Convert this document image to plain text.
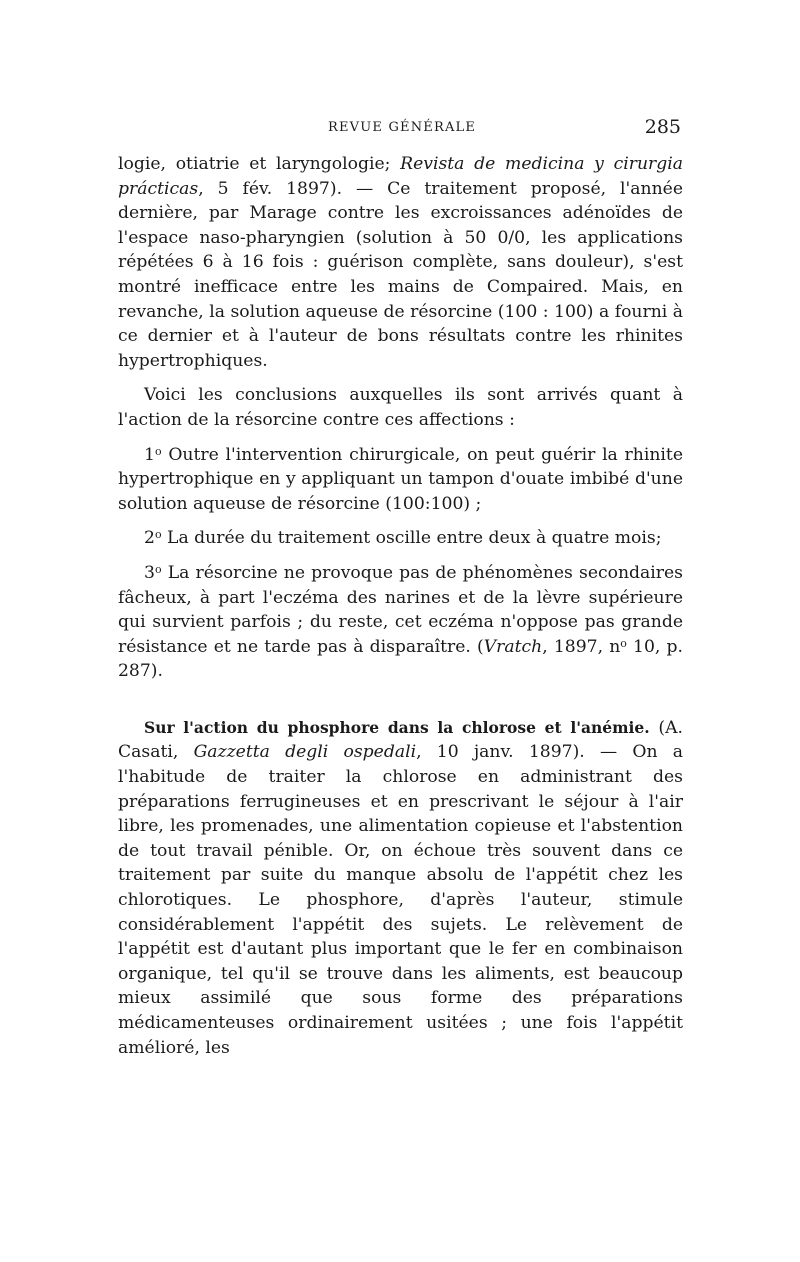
REVUE GÉNÉRALE	285

logie, otiatrie et laryngologie; Revista de medicina y cirurgia prácticas, 5 fév. 1897). — Ce traitement proposé, l'année dernière, par Marage contre les excroissances adénoïdes de l'espace naso-pharyngien (solution à 50 0/0, les applications répétées 6 à 16 fois : guérison complète, sans douleur), s'est montré inefficace entre les mains de Compaired. Mais, en revanche, la solution aqueuse de résorcine (100 : 100) a fourni à ce dernier et à l'auteur de bons résultats contre les rhinites hypertrophiques.

Voici les conclusions auxquelles ils sont arrivés quant à l'action de la résorcine contre ces affections :

1$^o$ Outre l'intervention chirurgicale, on peut guérir la rhinite hypertrophique en y appliquant un tampon d'ouate imbibé d'une solution aqueuse de résorcine (100:100) ;

2$^o$ La durée du traitement oscille entre deux à quatre mois;

3$^o$ La résorcine ne provoque pas de phénomènes secondaires fâcheux, à part l'eczéma des narines et de la lèvre supérieure qui survient parfois ; du reste, cet eczéma n'oppose pas grande résistance et ne tarde pas à disparaître. (Vratch, 1897, $n^o$ 10, p. 287).

Sur l'action du phosphore dans la chlorose et l'anémie. (A. Casati, Gazzetta degli ospedali, 10 janv. 1897). — On a l'habitude de traiter la chlorose en administrant des préparations ferrugineuses et en prescrivant le séjour à l'air libre, les promenades, une alimentation copieuse et l'abstention de tout travail pénible. Or, on échoue très souvent dans ce traitement par suite du manque absolu de l'appétit chez les chlorotiques. Le phosphore, d'après l'auteur, stimule considérablement l'appétit des sujets. Le relèvement de l'appétit est d'autant plus important que le fer en combinaison organique, tel qu'il se trouve dans les aliments, est beaucoup mieux assimilé que sous forme des préparations médicamenteuses ordinairement usitées ; une fois l'appétit amélioré, les
